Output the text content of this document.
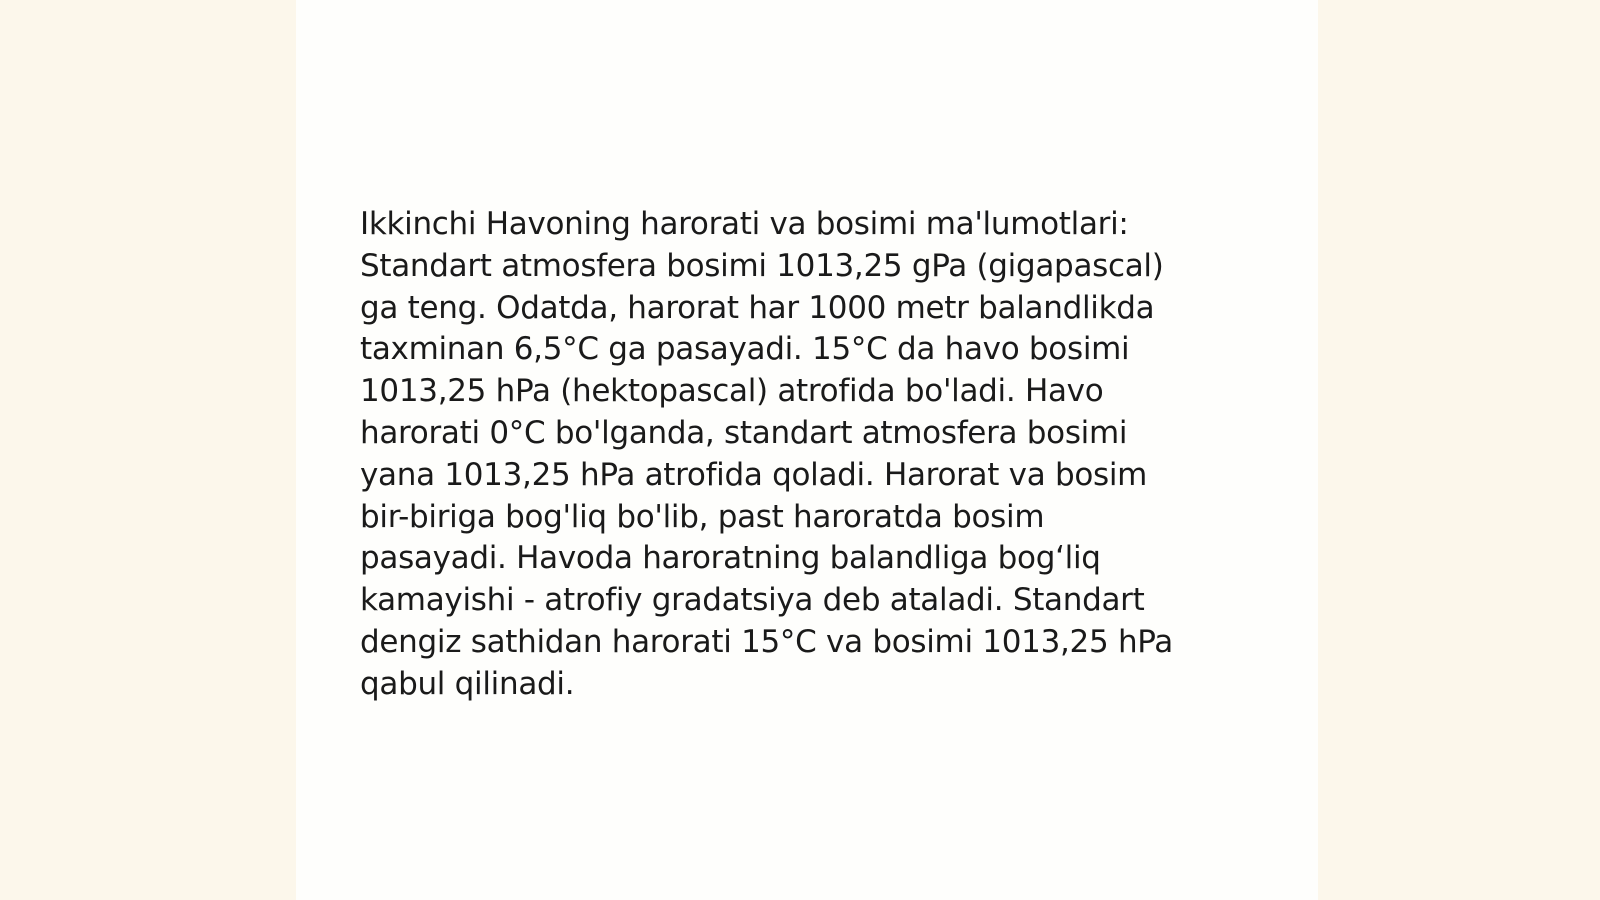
Ikkinchi Havoning harorati va bosimi ma'lumotlari:
Standart atmosfera bosimi 1013,25 gPa (gigapascal)
ga teng. Odatda, harorat har 1000 metr balandlikda
taxminan 6,5°C ga pasayadi. 15°C da havo bosimi
1013,25 hPa (hektopascal) atrofida bo'ladi. Havo
harorati 0°C bo'lganda, standart atmosfera bosimi
yana 1013,25 hPa atrofida qoladi. Harorat va bosim
bir-biriga bog'liq bo'lib, past haroratda bosim
pasayadi. Havoda haroratning balandliga bog‘liq
kamayishi - atrofiy gradatsiya deb ataladi. Standart
dengiz sathidan harorati 15°C va bosimi 1013,25 hPa
qabul qilinadi.
